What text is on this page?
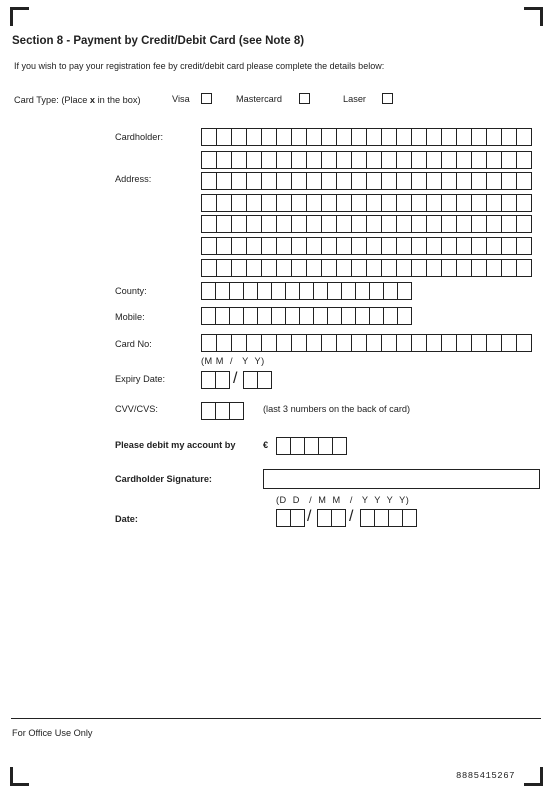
Section 8 - Payment by Credit/Debit Card (see Note 8)
If you wish to pay your registration fee by credit/debit card please complete the details below:
Card Type: (Place x in the box)	Visa	Mastercard	Laser
Cardholder:
Address:
County:
Mobile:
Card No:
(M M  /   Y  Y)
Expiry Date:
CVV/CVS:	(last 3 numbers on the back of card)
Please debit my account by	€
Cardholder Signature:
(D  D   /  M  M   /   Y  Y  Y  Y)
Date:
/
/ /
For Office Use Only
8885415267
